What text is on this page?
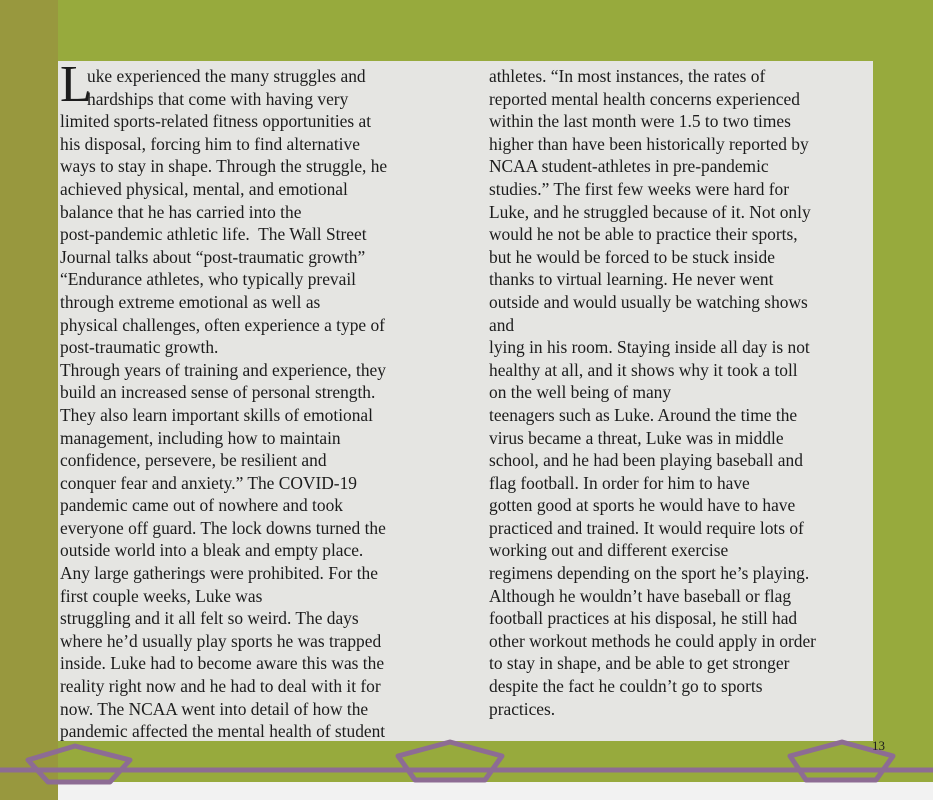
L
uke experienced the many struggles and
hardships that come with having very
limited sports-related fitness opportunities at
his disposal, forcing him to find alternative
ways to stay in shape. Through the struggle, he
achieved physical, mental, and emotional
balance that he has carried into the
post-pandemic athletic life.  The Wall Street
Journal talks about “post-traumatic growth”
“Endurance athletes, who typically prevail
through extreme emotional as well as
physical challenges, often experience a type of
post-traumatic growth.
Through years of training and experience, they
build an increased sense of personal strength.
They also learn important skills of emotional
management, including how to maintain
confidence, persevere, be resilient and
conquer fear and anxiety.” The COVID-19
pandemic came out of nowhere and took
everyone off guard. The lock downs turned the
outside world into a bleak and empty place.
Any large gatherings were prohibited. For the
first couple weeks, Luke was
struggling and it all felt so weird. The days
where he’d usually play sports he was trapped
inside. Luke had to become aware this was the
reality right now and he had to deal with it for
now. The NCAA went into detail of how the
pandemic affected the mental health of student
athletes. “In most instances, the rates of
reported mental health concerns experienced
within the last month were 1.5 to two times
higher than have been historically reported by
NCAA student-athletes in pre-pandemic
studies.” The first few weeks were hard for
Luke, and he struggled because of it. Not only
would he not be able to practice their sports,
but he would be forced to be stuck inside
thanks to virtual learning. He never went
outside and would usually be watching shows
and
lying in his room. Staying inside all day is not
healthy at all, and it shows why it took a toll
on the well being of many
teenagers such as Luke. Around the time the
virus became a threat, Luke was in middle
school, and he had been playing baseball and
flag football. In order for him to have
gotten good at sports he would have to have
practiced and trained. It would require lots of
working out and different exercise
regimens depending on the sport he’s playing.
Although he wouldn’t have baseball or flag
football practices at his disposal, he still had
other workout methods he could apply in order
to stay in shape, and be able to get stronger
despite the fact he couldn’t go to sports
practices.
13
